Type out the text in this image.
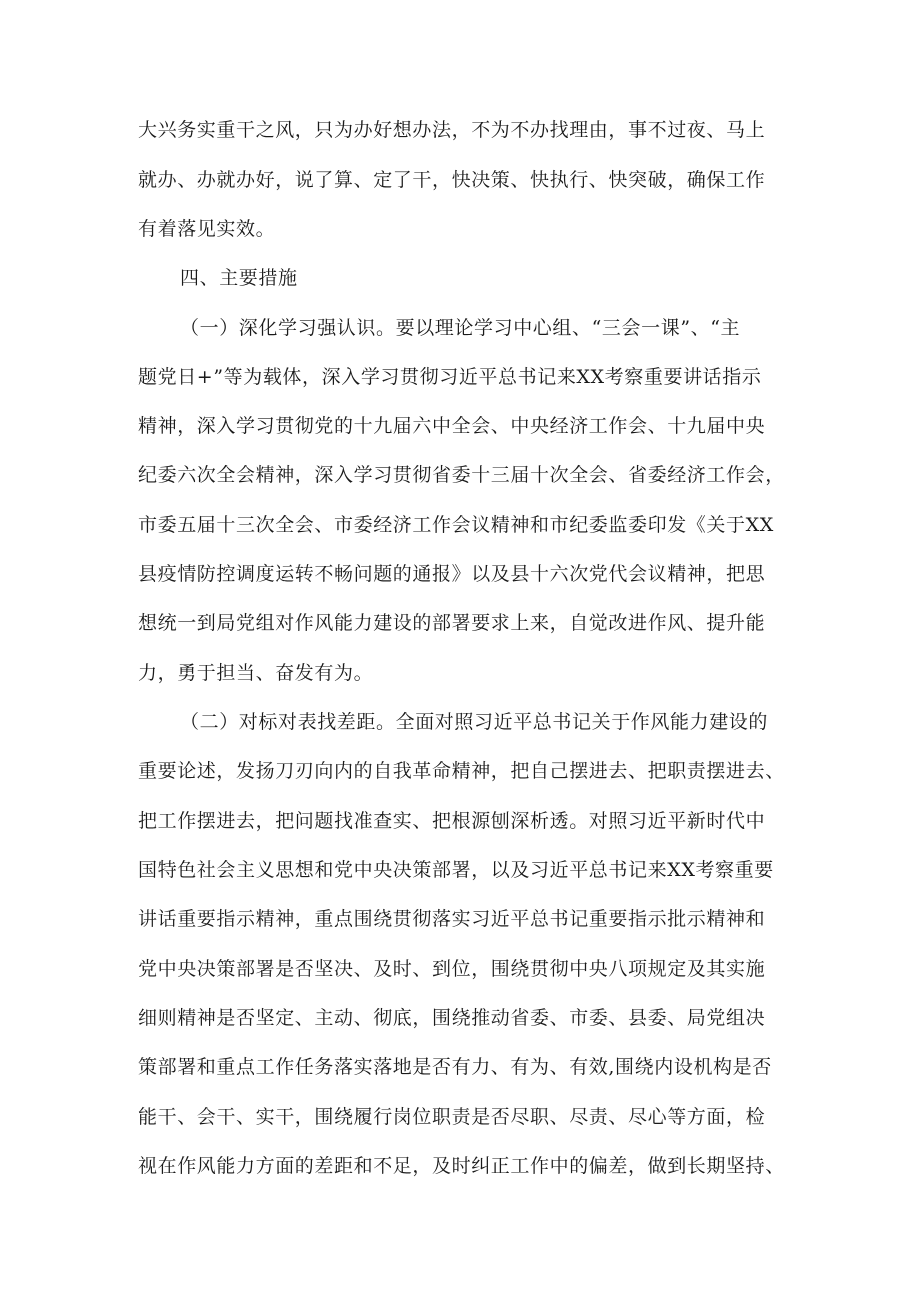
大兴务实重干之风，只为办好想办法，不为不办找理由，事不过夜、马上
就办、办就办好，说了算、定了干，快决策、快执行、快突破，确保工作
有着落见实效。
四、主要措施
（一）深化学习强认识。要以理论学习中心组、“三会一课”、“主
题党日+”等为载体，深入学习贯彻习近平总书记来XX考察重要讲话指示
精神，深入学习贯彻党的十九届六中全会、中央经济工作会、十九届中央
纪委六次全会精神，深入学习贯彻省委十三届十次全会、省委经济工作会，
市委五届十三次全会、市委经济工作会议精神和市纪委监委印发《关于XX
县疫情防控调度运转不畅问题的通报》以及县十六次党代会议精神，把思
想统一到局党组对作风能力建设的部署要求上来，自觉改进作风、提升能
力，勇于担当、奋发有为。
（二）对标对表找差距。全面对照习近平总书记关于作风能力建设的
重要论述，发扬刀刃向内的自我革命精神，把自己摆进去、把职责摆进去、
把工作摆进去，把问题找准查实、把根源刨深析透。对照习近平新时代中
国特色社会主义思想和党中央决策部署，以及习近平总书记来XX考察重要
讲话重要指示精神，重点围绕贯彻落实习近平总书记重要指示批示精神和
党中央决策部署是否坚决、及时、到位，围绕贯彻中央八项规定及其实施
细则精神是否坚定、主动、彻底，围绕推动省委、市委、县委、局党组决
策部署和重点工作任务落实落地是否有力、有为、有效,围绕内设机构是否
能干、会干、实干，围绕履行岗位职责是否尽职、尽责、尽心等方面，检
视在作风能力方面的差距和不足，及时纠正工作中的偏差，做到长期坚持、
